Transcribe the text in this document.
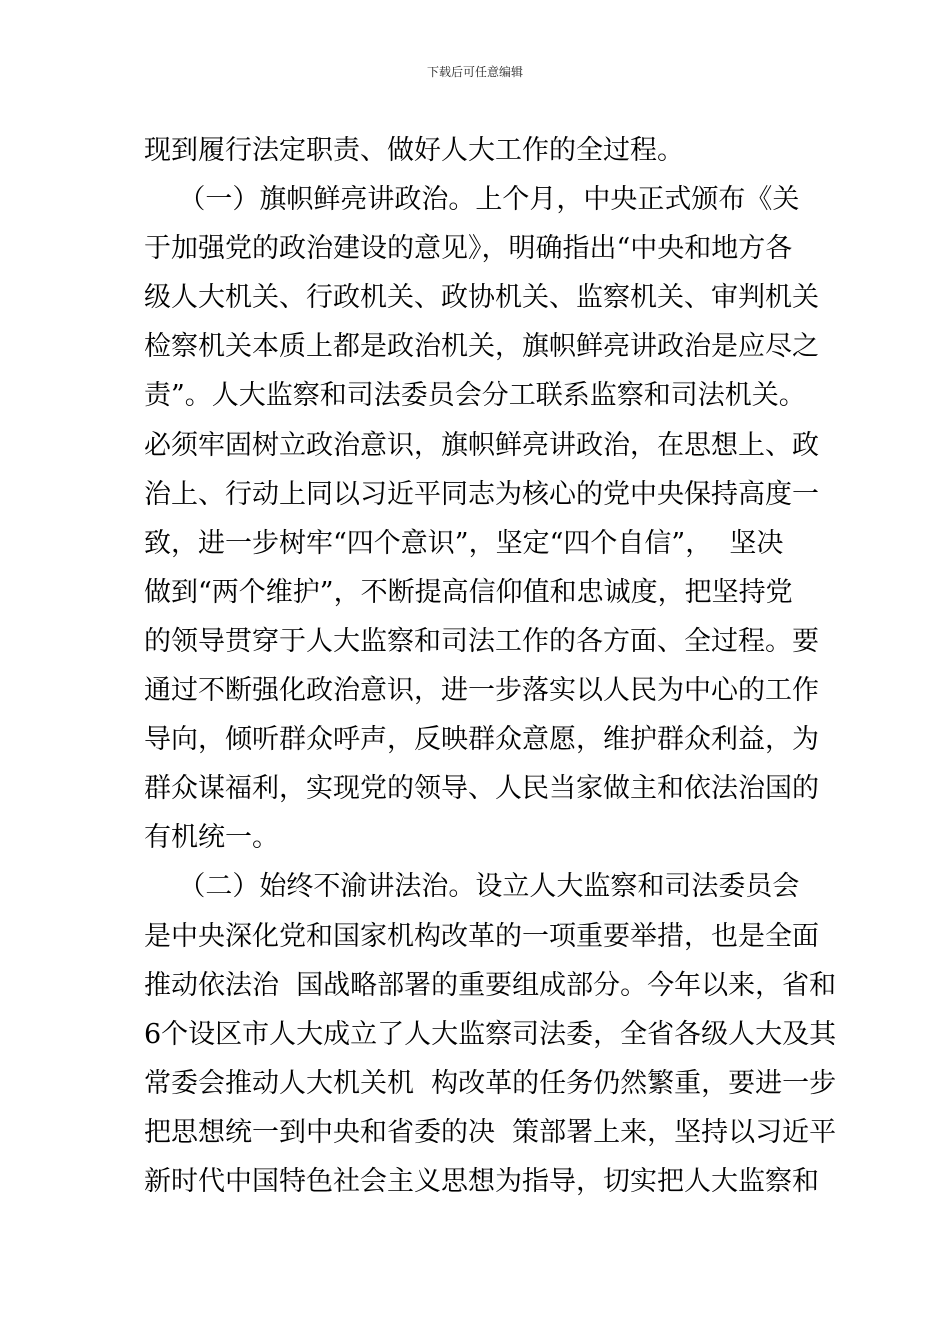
下载后可任意编辑
现到履行法定职责、做好人大工作的全过程。
（一）旗帜鲜亮讲政治。上个月，中央正式颁布《关
于加强党的政治建设的意见》，明确指出“中央和地方各
级人大机关、行政机关、政协机关、监察机关、审判机关
检察机关本质上都是政治机关，旗帜鲜亮讲政治是应尽之
责”。人大监察和司法委员会分工联系监察和司法机关。
必须牢固树立政治意识，旗帜鲜亮讲政治，在思想上、政
治上、行动上同以习近平同志为核心的党中央保持高度一
致，进一步树牢“四个意识”，坚定“四个自信”，  坚决
做到“两个维护”，不断提高信仰值和忠诚度，把坚持党
的领导贯穿于人大监察和司法工作的各方面、全过程。要
通过不断强化政治意识，进一步落实以人民为中心的工作
导向，倾听群众呼声，反映群众意愿，维护群众利益，为
群众谋福利，实现党的领导、人民当家做主和依法治国的
有机统一。
（二）始终不渝讲法治。设立人大监察和司法委员会
是中央深化党和国家机构改革的一项重要举措，也是全面
推动依法治  国战略部署的重要组成部分。今年以来，省和
6个设区市人大成立了人大监察司法委，全省各级人大及其
常委会推动人大机关机  构改革的任务仍然繁重，要进一步
把思想统一到中央和省委的决  策部署上来，坚持以习近平
新时代中国特色社会主义思想为指导，切实把人大监察和
